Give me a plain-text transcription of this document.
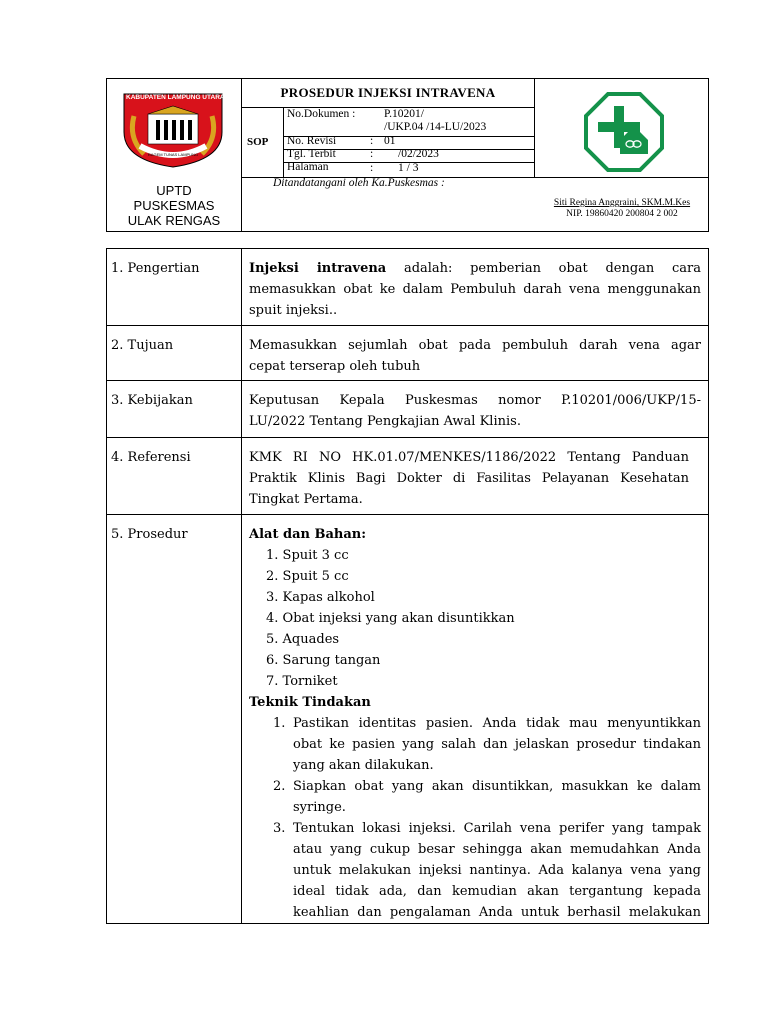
KABUPATEN LAMPUNG UTARA
RAGEM TUNAS LAMPUNG
UPTD
PUSKESMAS
ULAK RENGAS
PROSEDUR INJEKSI INTRAVENA
SOP
No.Dokumen : P.10201/
/UKP.04 /14-LU/2023
No. Revisi	: 01
Tgl. Terbit	: /02/2023
Halaman	: 1 / 3
Ditandatangani oleh Ka.Puskesmas :
Siti Regina Anggraini, SKM.M.Kes
NIP. 19860420 200804 2 002
1. Pengertian	Injeksi intravena adalah: pemberian obat dengan cara
memasukkan obat ke dalam Pembuluh darah vena menggunakan
spuit injeksi..
2. Tujuan	Memasukkan sejumlah obat pada pembuluh darah vena agar
cepat terserap oleh tubuh
3. Kebijakan	Keputusan Kepala Puskesmas nomor P.10201/006/UKP/15-
LU/2022 Tentang Pengkajian Awal Klinis.
4. Referensi	KMK RI NO HK.01.07/MENKES/1186/2022 Tentang Panduan
Praktik Klinis Bagi Dokter di Fasilitas Pelayanan Kesehatan
Tingkat Pertama.
5. Prosedur	Alat dan Bahan:
1. Spuit 3 cc
2. Spuit 5 cc
3. Kapas alkohol
4. Obat injeksi yang akan disuntikkan
5. Aquades
6. Sarung tangan
7. Torniket
Teknik Tindakan
1. Pastikan identitas pasien. Anda tidak mau menyuntikkan
obat ke pasien yang salah dan jelaskan prosedur tindakan
yang akan dilakukan.
2. Siapkan obat yang akan disuntikkan, masukkan ke dalam
syringe.
3. Tentukan lokasi injeksi. Carilah vena perifer yang tampak
atau yang cukup besar sehingga akan memudahkan Anda
untuk melakukan injeksi nantinya. Ada kalanya vena yang
ideal tidak ada, dan kemudian akan tergantung kepada
keahlian dan pengalaman Anda untuk berhasil melakukan
